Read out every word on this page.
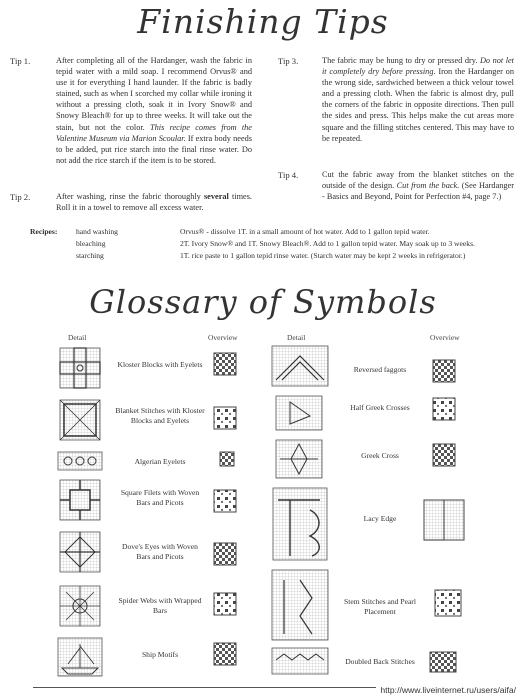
Finishing Tips
Tip 1.	After completing all of the Hardanger, wash the fabric in tepid water with a mild soap. I recommend Orvus® and use it for everything I hand launder. If the fabric is badly stained, such as when I scorched my collar while ironing it without a pressing cloth, soak it in Ivory Snow® and Snowy Bleach® for up to three weeks. It will take out the stain, but not the color. This recipe comes from the Valentine Museum via Marion Scoular. If extra body needs to be added, put rice starch into the final rinse water. Do not add the rice starch if the item is to be stored.
Tip 2.	After washing, rinse the fabric thoroughly several times. Roll it in a towel to remove all excess water.
Tip 3.	The fabric may be hung to dry or pressed dry. Do not let it completely dry before pressing. Iron the Hardanger on the wrong side, sardwiched between a thick velour towel and a pressing cloth. When the fabric is almost dry, pull the corners of the fabric in opposite directions. Then pull the sides and press. This helps make the cut areas more square and the filling stitches centered. This may have to be repeated.
Tip 4.	Cut the fabric away from the blanket stitches on the outside of the design. Cut from the back. (See Hardanger - Basics and Beyond, Point for Perfection #4, page 7.)
Recipes: hand washing	Orvus® - dissolve 1T. in a small amount of hot water. Add to 1 gallon tepid water.
bleaching	2T. Ivory Snow® and 1T. Snowy Bleach®. Add to 1 gallon tepid water. May soak up to 3 weeks.
starching	1T. rice paste to 1 gallon tepid rinse water. (Starch water may be kept 2 weeks in refrigerator.)
Glossary of Symbols
Detail	Overview	Detail	Overview
Kloster Blocks with Eyelets
Blanket Stitches with Kloster Blocks and Eyelets
Algerian Eyelets
Square Filets with Woven Bars and Picots
Dove's Eyes with Woven Bars and Picots
Spider Webs with Wrapped Bars
Ship Motifs
Reversed faggots
Half Greek Crosses
Greek Cross
Lacy Edge
Stem Stitches and Pearl Placement
Doubled Back Stitches
http://www.liveinternet.ru/users/aifa/
